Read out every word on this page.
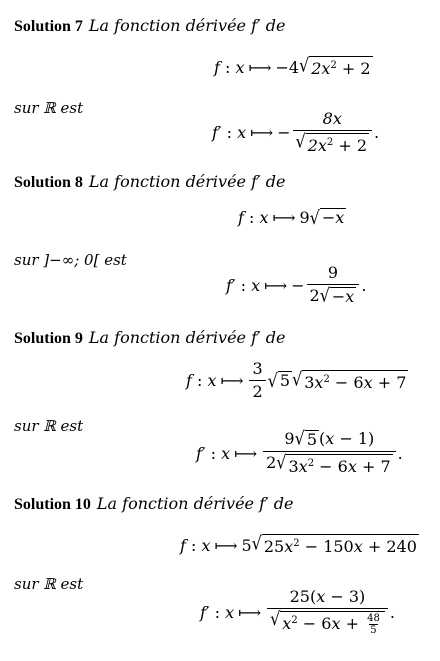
Solution 7 La fonction dérivée f′ de
f : x ⟼ −4 √ $2x^2 + 2$
sur ℝ est
f′ : x ⟼ − $\frac{8x}{√ 2x^2 + 2}$ .
Solution 8 La fonction dérivée f′ de
f : x ⟼ 9 √ −x
sur ]−∞; 0[ est
f′ : x ⟼ − $\frac{9}{2 √ -x}$ .
Solution 9 La fonction dérivée f′ de
f : x ⟼ $\frac{3}{2}$ √ 5 √ $3x^2 - 6x + 7$
sur ℝ est
f′ : x ⟼ $\frac{9 √ 5 (x - 1)}{2 √ 3x^2 - 6x + 7}$ .
Solution 10 La fonction dérivée f′ de
f : x ⟼ 5 √ $25x^2 - 150x + 240$
sur ℝ est
f′ : x ⟼ $\frac{25(x - 3)}{√ x^2 - 6x + \frac{48}{5}}$ .
